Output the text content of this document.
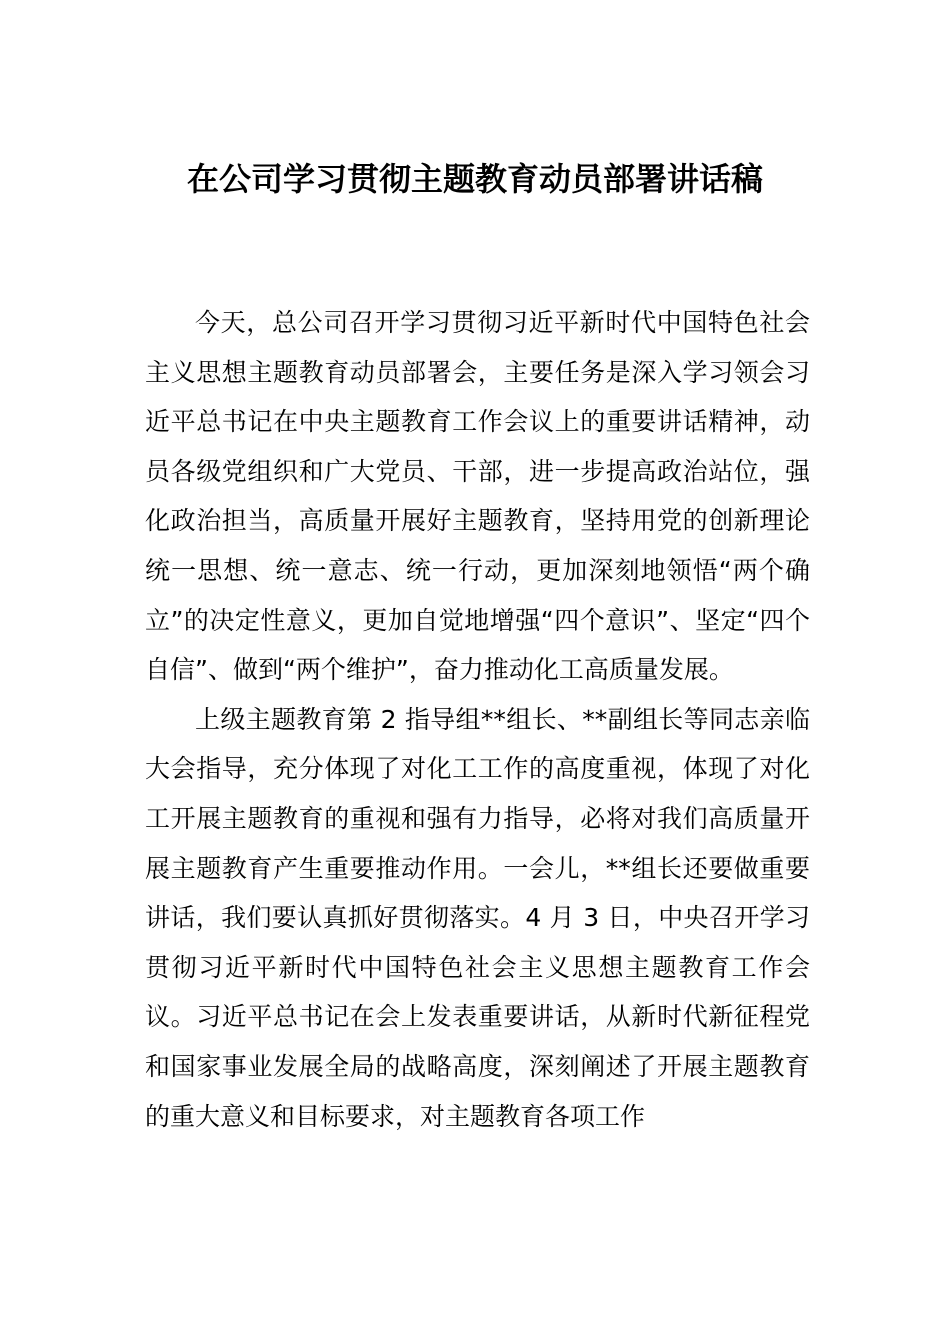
在公司学习贯彻主题教育动员部署讲话稿

今天，总公司召开学习贯彻习近平新时代中国特色社会主义思想主题教育动员部署会，主要任务是深入学习领会习近平总书记在中央主题教育工作会议上的重要讲话精神，动员各级党组织和广大党员、干部，进一步提高政治站位，强化政治担当，高质量开展好主题教育，坚持用党的创新理论统一思想、统一意志、统一行动，更加深刻地领悟“两个确立”的决定性意义，更加自觉地增强“四个意识”、坚定“四个自信”、做到“两个维护”，奋力推动化工高质量发展。

上级主题教育第 2 指导组**组长、**副组长等同志亲临大会指导，充分体现了对化工工作的高度重视，体现了对化工开展主题教育的重视和强有力指导，必将对我们高质量开展主题教育产生重要推动作用。一会儿，**组长还要做重要讲话，我们要认真抓好贯彻落实。4 月 3 日，中央召开学习贯彻习近平新时代中国特色社会主义思想主题教育工作会议。习近平总书记在会上发表重要讲话，从新时代新征程党和国家事业发展全局的战略高度，深刻阐述了开展主题教育的重大意义和目标要求，对主题教育各项工作
